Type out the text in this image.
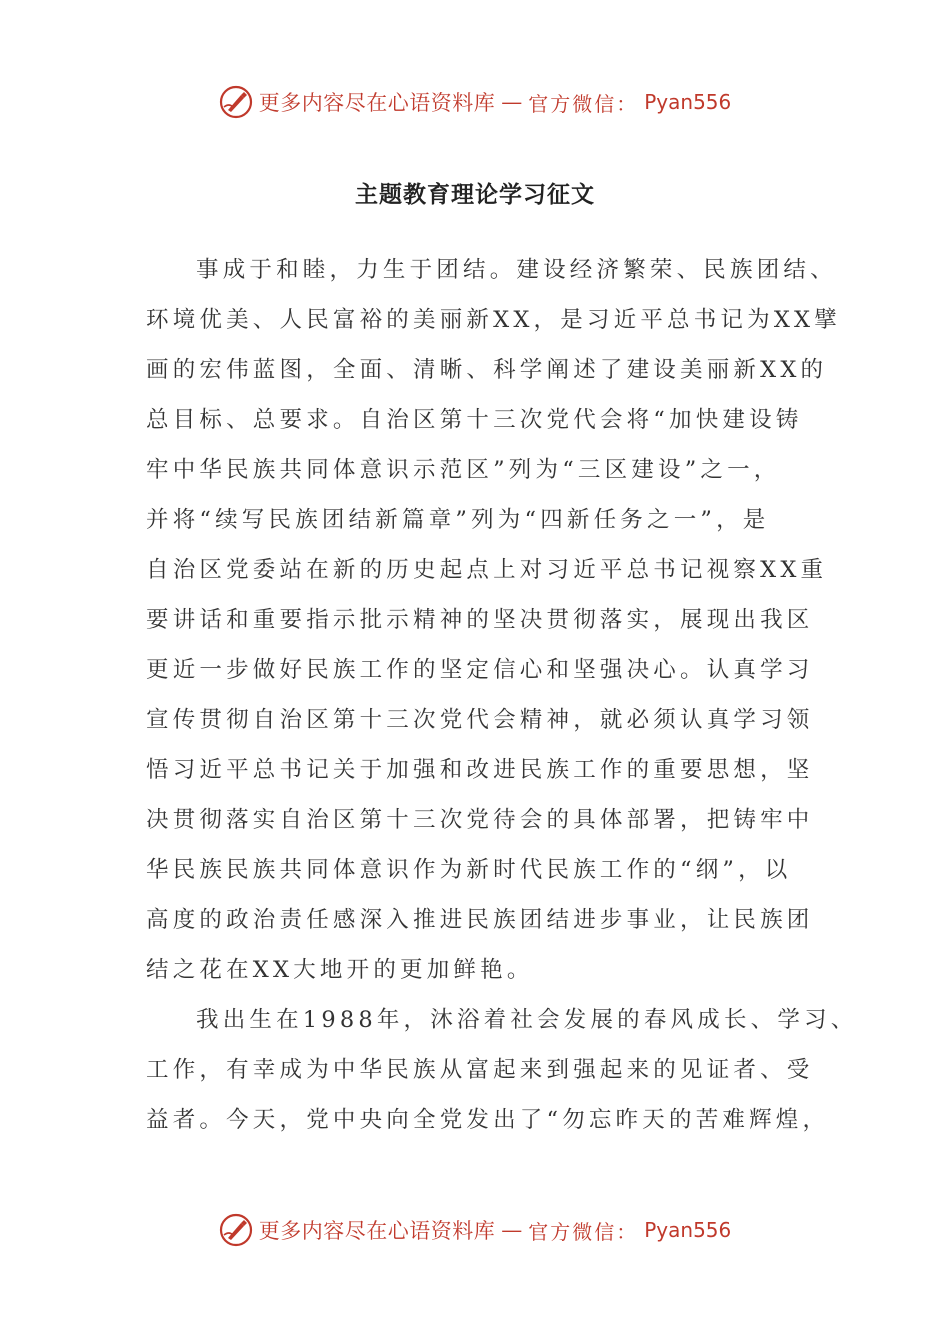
更多内容尽在心语资料库 — 官方微信： Pyan556
主题教育理论学习征文
事成于和睦，力生于团结。建设经济繁荣、民族团结、
环境优美、人民富裕的美丽新XX，是习近平总书记为XX擘
画的宏伟蓝图，全面、清晰、科学阐述了建设美丽新XX的
总目标、总要求。自治区第十三次党代会将“加快建设铸
牢中华民族共同体意识示范区”列为“三区建设”之一，
并将“续写民族团结新篇章”列为“四新任务之一”，是
自治区党委站在新的历史起点上对习近平总书记视察XX重
要讲话和重要指示批示精神的坚决贯彻落实，展现出我区
更近一步做好民族工作的坚定信心和坚强决心。认真学习
宣传贯彻自治区第十三次党代会精神，就必须认真学习领
悟习近平总书记关于加强和改进民族工作的重要思想，坚
决贯彻落实自治区第十三次党待会的具体部署，把铸牢中
华民族民族共同体意识作为新时代民族工作的“纲”，以
高度的政治责任感深入推进民族团结进步事业，让民族团
结之花在XX大地开的更加鲜艳。
我出生在1988年，沐浴着社会发展的春风成长、学习、
工作，有幸成为中华民族从富起来到强起来的见证者、受
益者。今天，党中央向全党发出了“勿忘昨天的苦难辉煌，
更多内容尽在心语资料库 — 官方微信： Pyan556
